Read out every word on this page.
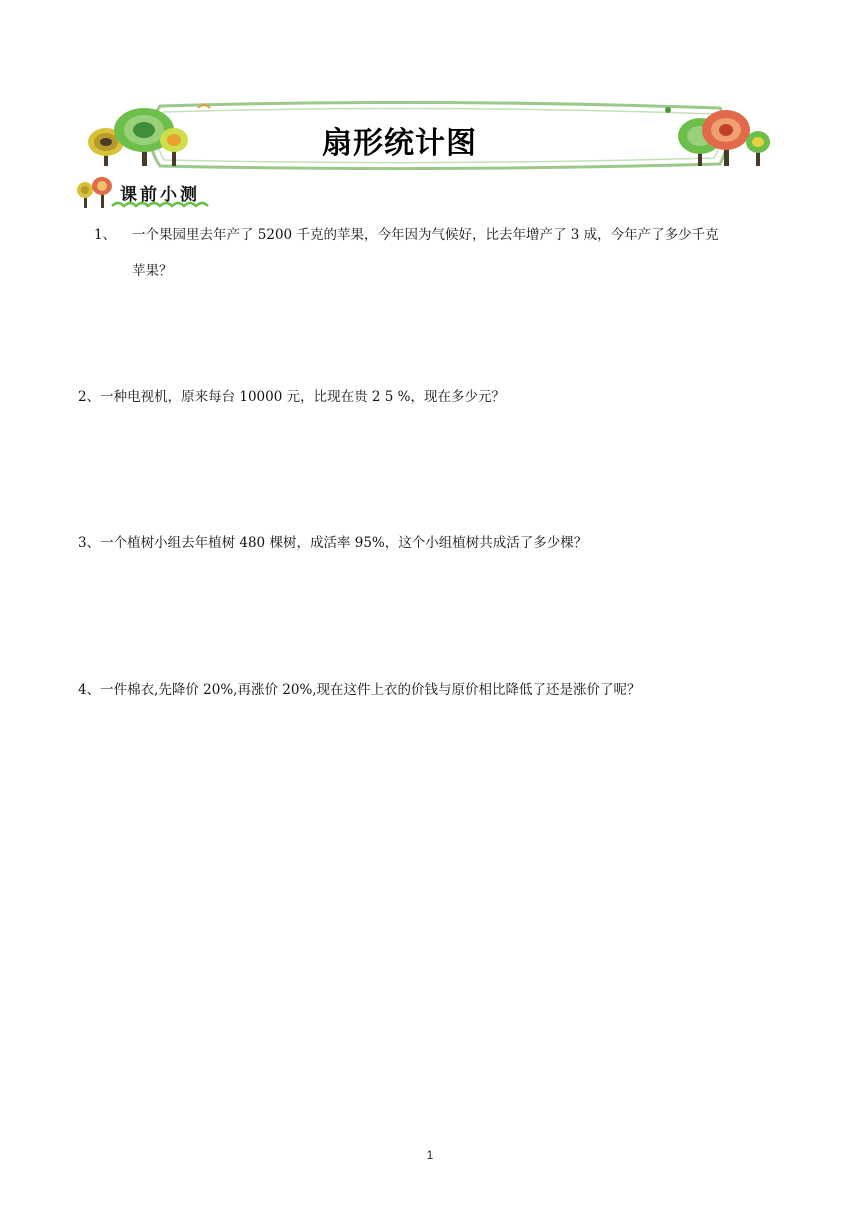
扇形统计图
课前小测
1、 一个果园里去年产了 5200 千克的苹果，今年因为气候好，比去年增产了 3 成，今年产了多少千克
苹果？
2、一种电视机，原来每台 10000 元，比现在贵 2 5 %，现在多少元？
3、一个植树小组去年植树 480 棵树，成活率 95%，这个小组植树共成活了多少棵？
4、一件棉衣,先降价 20%,再涨价 20%,现在这件上衣的价钱与原价相比降低了还是涨价了呢？
1
